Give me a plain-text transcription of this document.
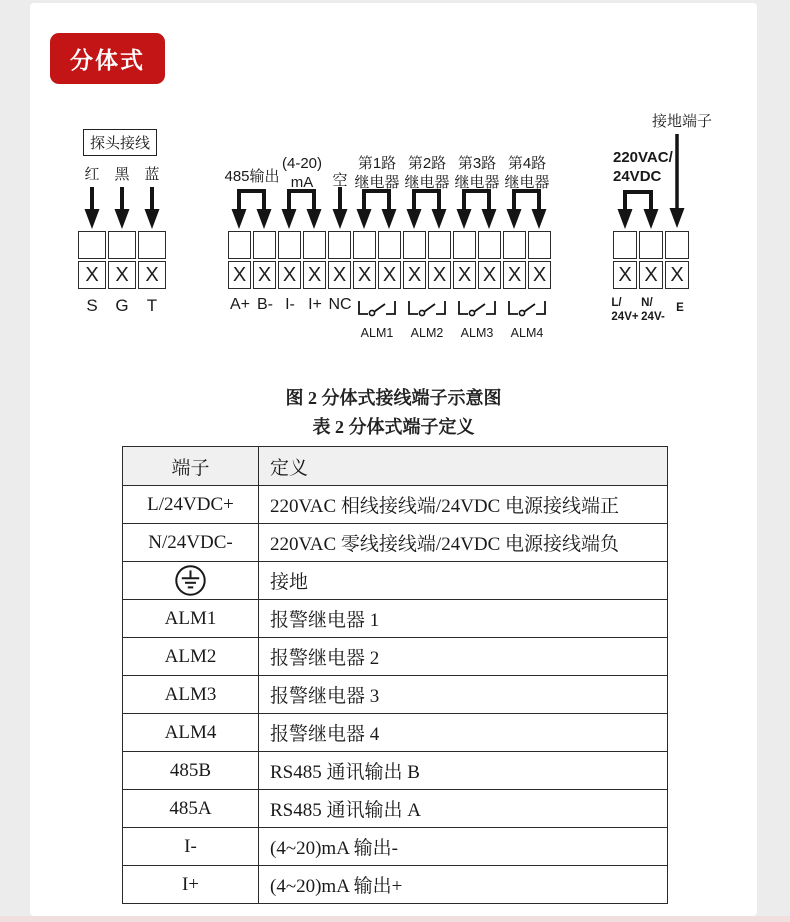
分体式
探头接线
红 黑 蓝
X X X
S G T
485输出
(4-20)
mA	空
第1路
继电器
第2路
继电器
第3路
继电器
第4路
继电器
X X X X X X X X X X X X X
A+ B- I- I+ NC
ALM1 ALM2 ALM3 ALM4
接地端子
220VAC/
24VDC
X X X
L/
24V+
N/
24V-
E
图 2 分体式接线端子示意图
表 2 分体式端子定义
端子	定义
L/24VDC+	220VAC 相线接线端/24VDC 电源接线端正
N/24VDC-	220VAC 零线接线端/24VDC 电源接线端负
	接地
ALM1	报警继电器 1
ALM2	报警继电器 2
ALM3	报警继电器 3
ALM4	报警继电器 4
485B	RS485 通讯输出 B
485A	RS485 通讯输出 A
I-	(4~20)mA 输出-
I+	(4~20)mA 输出+
